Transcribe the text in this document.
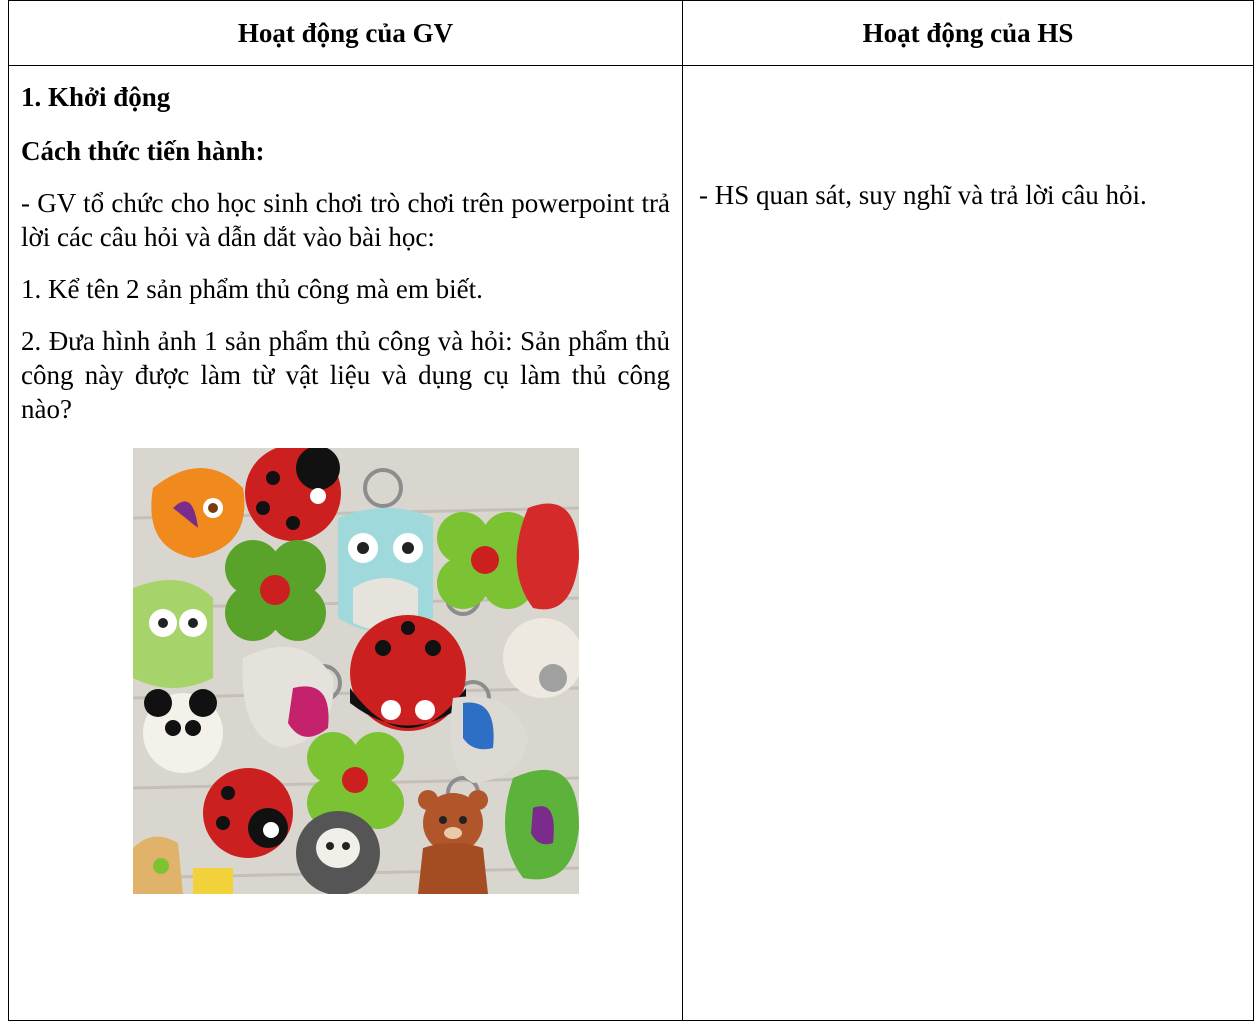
Hoạt động của GV	Hoạt động của HS

1. Khởi động

Cách thức tiến hành:

- GV tổ chức cho học sinh chơi trò chơi trên powerpoint trả lời các câu hỏi và dẫn dắt vào bài học:

1. Kể tên 2 sản phẩm thủ công mà em biết.

2. Đưa hình ảnh 1 sản phẩm thủ công và hỏi: Sản phẩm thủ công này được làm từ vật liệu và dụng cụ làm thủ công nào?	- HS quan sát, suy nghĩ và trả lời câu hỏi.
